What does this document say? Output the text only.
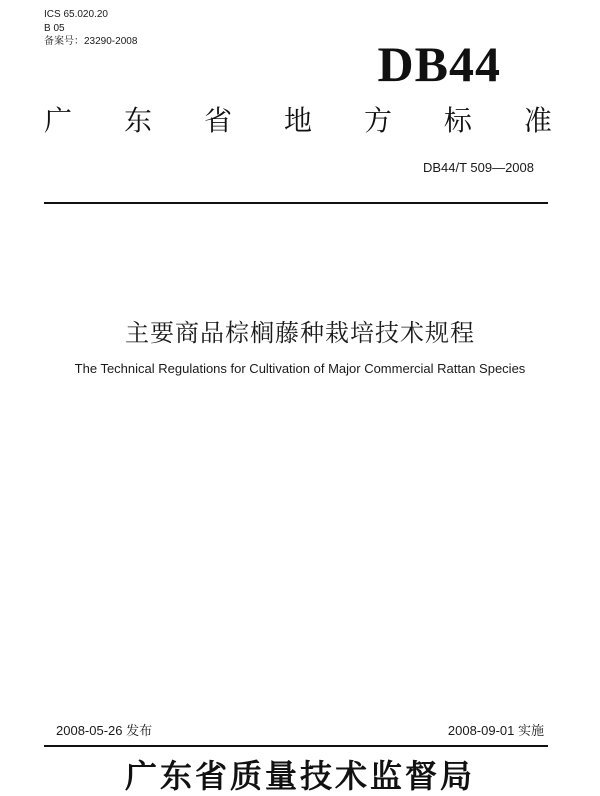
ICS 65.020.20
B 05
备案号：23290-2008	DB44
广 东 省 地 方 标 准
DB44/T 509—2008
主要商品棕榈藤种栽培技术规程
The Technical Regulations for Cultivation of Major Commercial Rattan Species
2008-05-26 发布	2008-09-01 实施
广东省质量技术监督局
